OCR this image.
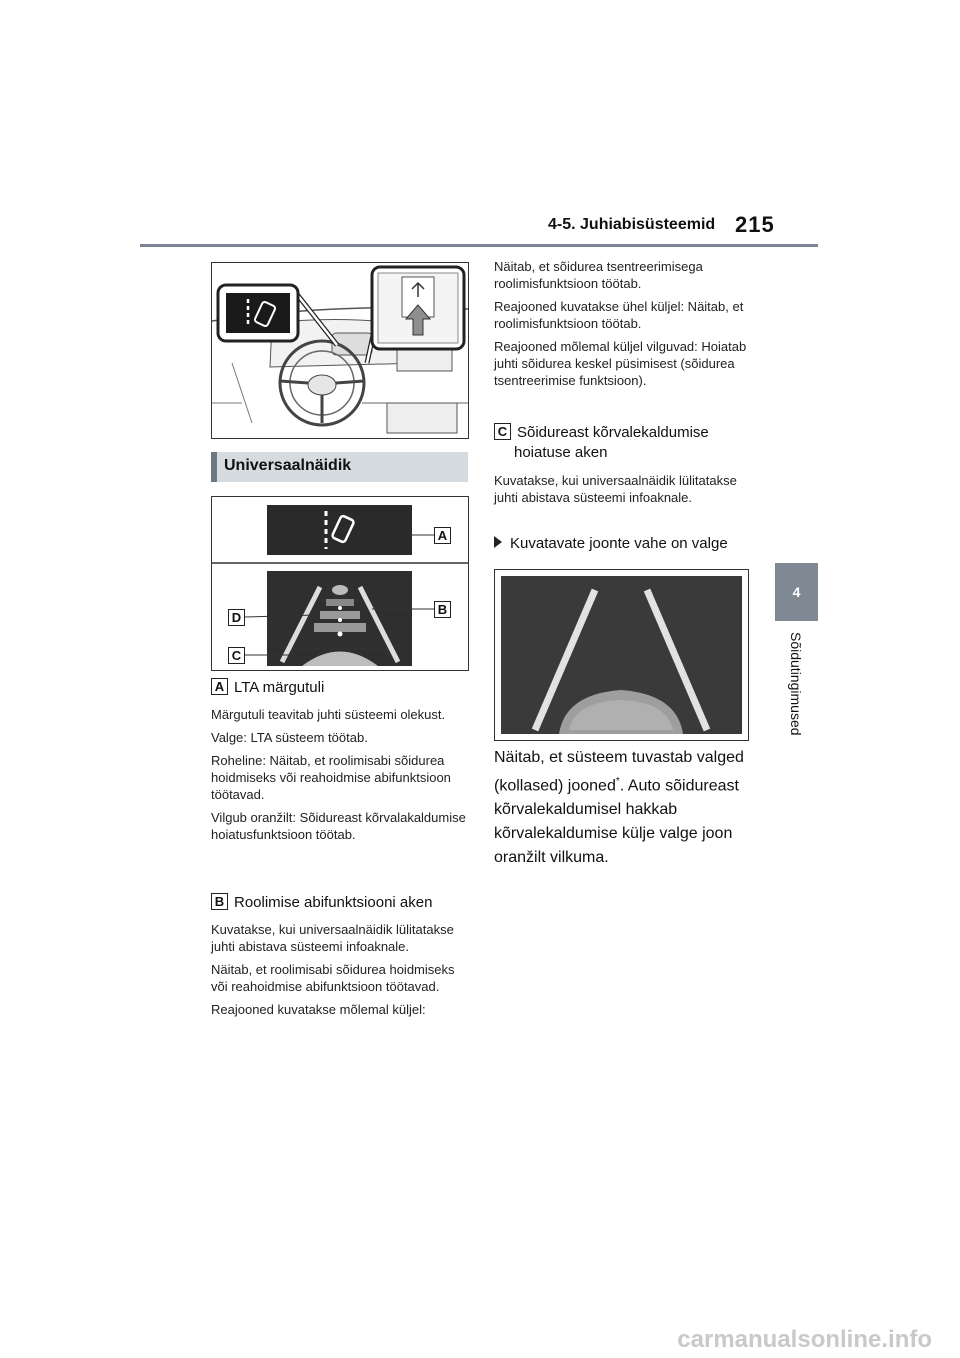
4-5. Juhiabisüsteemid 215
4
Sõidutingimused
Universaalnäidik
A
B
D
C
A LTA märgutuli
Märgutuli teavitab juhti süsteemi olekust.
Valge: LTA süsteem töötab.
Roheline: Näitab, et roolimisabi sõidurea hoidmiseks või reahoidmise abifunktsioon töötavad.
Vilgub oranžilt: Sõidureast kõrvalakaldumise hoiatusfunktsioon töötab.
B Roolimise abifunktsiooni aken
Kuvatakse, kui universaalnäidik lülitatakse juhti abistava süsteemi infoaknale.
Näitab, et roolimisabi sõidurea hoidmiseks või reahoidmise abifunktsioon töötavad.
Reajooned kuvatakse mõlemal küljel:
Näitab, et sõidurea tsentreerimisega roolimisfunktsioon töötab.
Reajooned kuvatakse ühel küljel: Näitab, et roolimisfunktsioon töötab.
Reajooned mõlemal küljel vilguvad: Hoiatab juhti sõidurea keskel püsimisest (sõidurea tsentreerimise funktsioon).
C Sõidureast kõrvalekaldumise
hoiatuse aken
Kuvatakse, kui universaalnäidik lülitatakse juhti abistava süsteemi infoaknale.
Kuvatavate joonte vahe on valge
Näitab, et süsteem tuvastab valged (kollased) jooned*. Auto sõidureast kõrvalekaldumisel hakkab kõrvalekaldumise külje valge joon oranžilt vilkuma.
carmanualsonline.info
